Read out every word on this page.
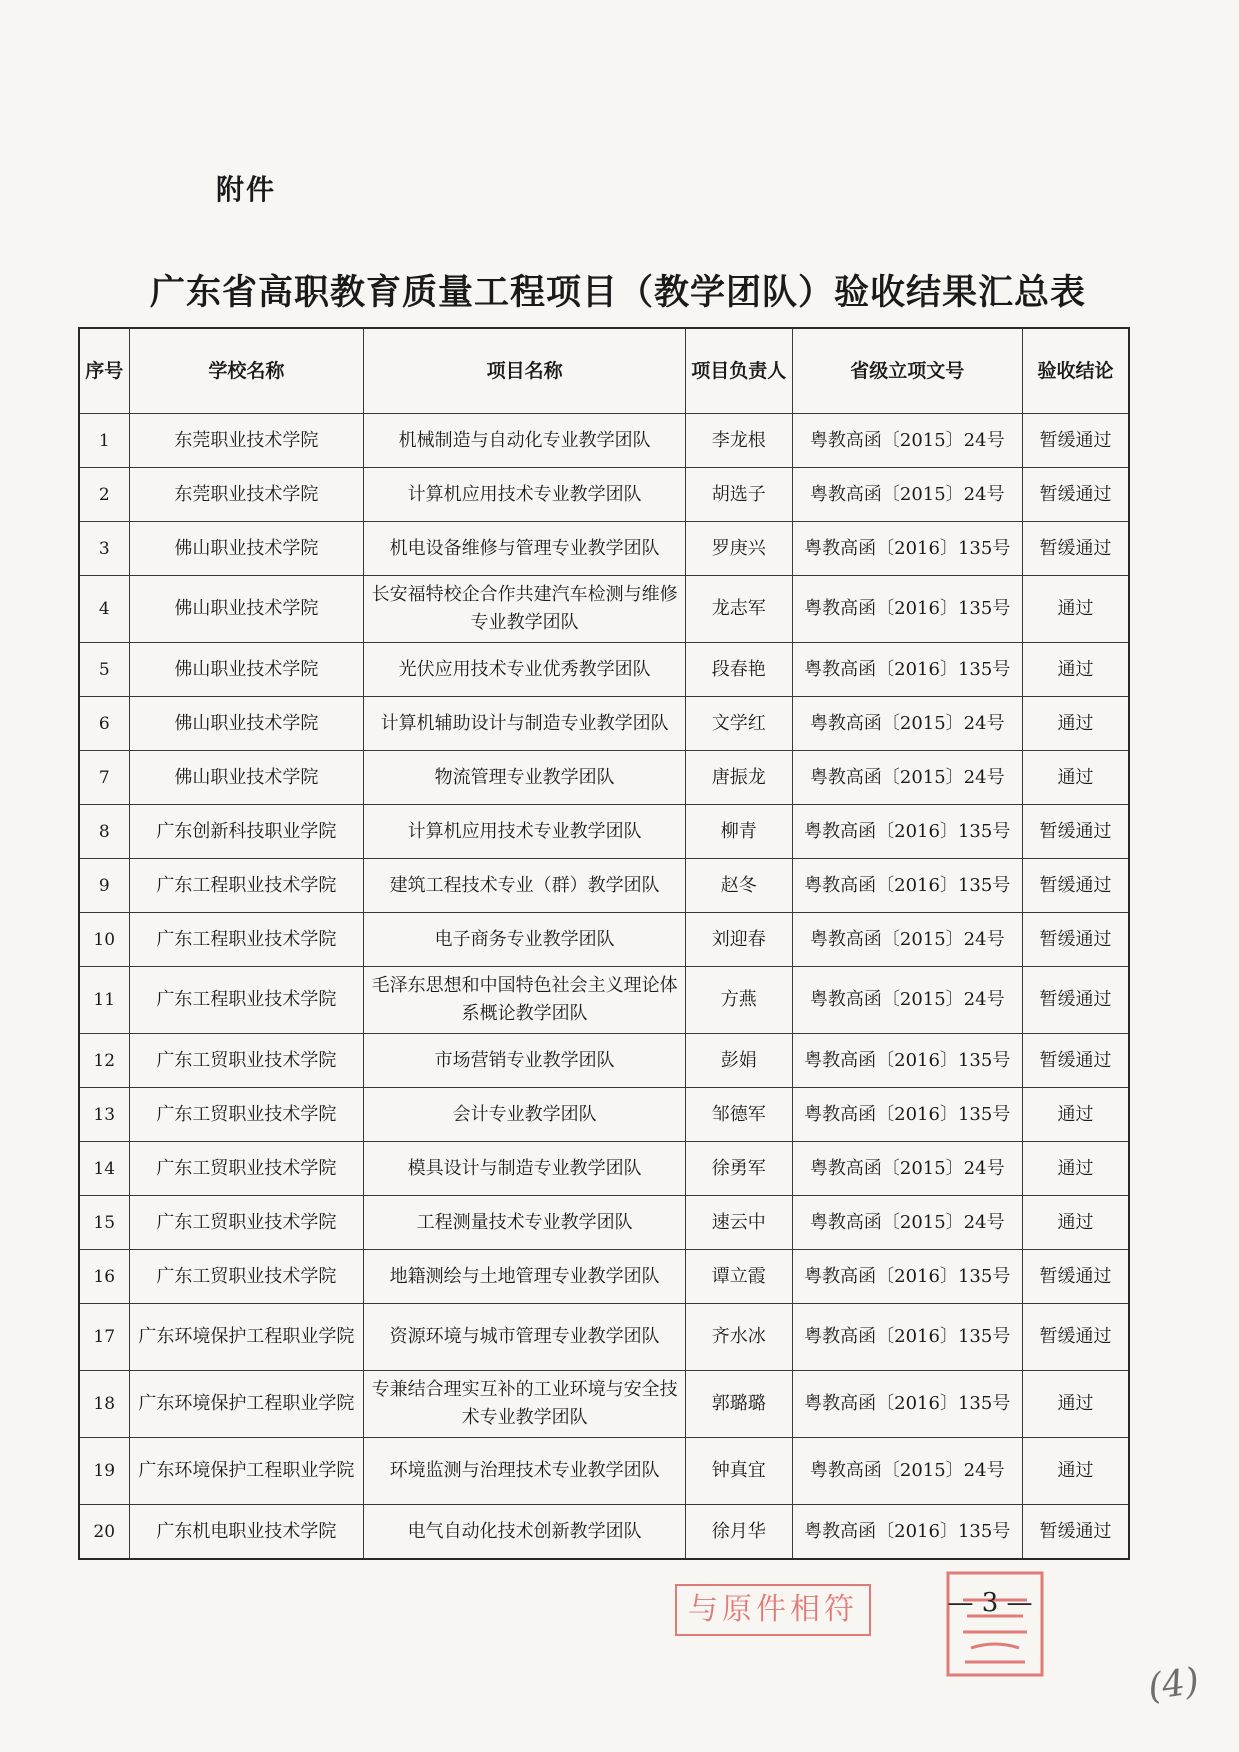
附件
广东省高职教育质量工程项目（教学团队）验收结果汇总表
序号	学校名称	项目名称	项目负责人	省级立项文号	验收结论
1	东莞职业技术学院	机械制造与自动化专业教学团队	李龙根	粤教高函〔2015〕24号	暂缓通过
2	东莞职业技术学院	计算机应用技术专业教学团队	胡选子	粤教高函〔2015〕24号	暂缓通过
3	佛山职业技术学院	机电设备维修与管理专业教学团队	罗庚兴	粤教高函〔2016〕135号	暂缓通过
4	佛山职业技术学院	长安福特校企合作共建汽车检测与维修专业教学团队	龙志军	粤教高函〔2016〕135号	通过
5	佛山职业技术学院	光伏应用技术专业优秀教学团队	段春艳	粤教高函〔2016〕135号	通过
6	佛山职业技术学院	计算机辅助设计与制造专业教学团队	文学红	粤教高函〔2015〕24号	通过
7	佛山职业技术学院	物流管理专业教学团队	唐振龙	粤教高函〔2015〕24号	通过
8	广东创新科技职业学院	计算机应用技术专业教学团队	柳青	粤教高函〔2016〕135号	暂缓通过
9	广东工程职业技术学院	建筑工程技术专业（群）教学团队	赵冬	粤教高函〔2016〕135号	暂缓通过
10	广东工程职业技术学院	电子商务专业教学团队	刘迎春	粤教高函〔2015〕24号	暂缓通过
11	广东工程职业技术学院	毛泽东思想和中国特色社会主义理论体系概论教学团队	方燕	粤教高函〔2015〕24号	暂缓通过
12	广东工贸职业技术学院	市场营销专业教学团队	彭娟	粤教高函〔2016〕135号	暂缓通过
13	广东工贸职业技术学院	会计专业教学团队	邹德军	粤教高函〔2016〕135号	通过
14	广东工贸职业技术学院	模具设计与制造专业教学团队	徐勇军	粤教高函〔2015〕24号	通过
15	广东工贸职业技术学院	工程测量技术专业教学团队	速云中	粤教高函〔2015〕24号	通过
16	广东工贸职业技术学院	地籍测绘与土地管理专业教学团队	谭立霞	粤教高函〔2016〕135号	暂缓通过
17	广东环境保护工程职业学院	资源环境与城市管理专业教学团队	齐水冰	粤教高函〔2016〕135号	暂缓通过
18	广东环境保护工程职业学院	专兼结合理实互补的工业环境与安全技术专业教学团队	郭璐璐	粤教高函〔2016〕135号	通过
19	广东环境保护工程职业学院	环境监测与治理技术专业教学团队	钟真宜	粤教高函〔2015〕24号	通过
20	广东机电职业技术学院	电气自动化技术创新教学团队	徐月华	粤教高函〔2016〕135号	暂缓通过
与原件相符	— 3 —
(4)
